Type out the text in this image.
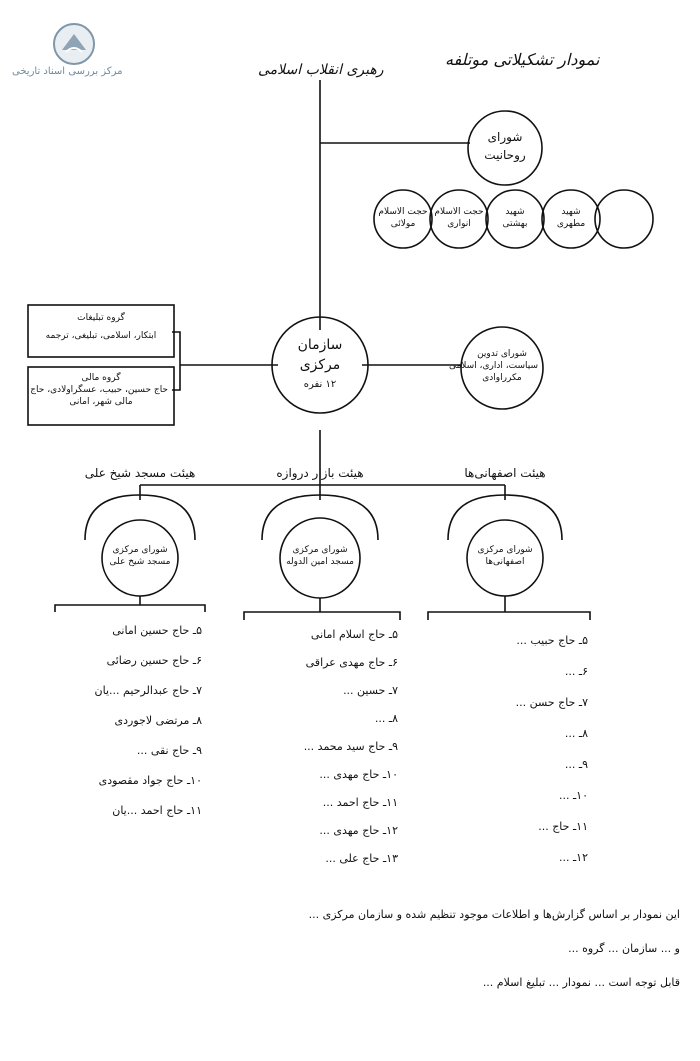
مرکز بررسی اسناد تاریخی
نمودار تشکیلاتی موتلفه
رهبری انقلاب اسلامی
شورای
روحانیت
حجت الاسلام
مولائی
حجت الاسلام
انواری
شهید
بهشتی
شهید
مطهری
گروه تبلیغات
ابتکار، اسلامی، تبلیغی، ترجمه
گروه مالی
حاج حسین، حبیب، عسگراولادی، حاج
مالی شهر، امانی
سازمان
مرکزی
۱۲ نفره
شورای تدوین
سیاست، اداری، اسلامی
مکرراوادی
هیئت مسجد شیخ علی	هیئت بازار دروازه	هیئت اصفهانی‌ها
شورای مرکزی
مسجد شیخ علی
شورای مرکزی
مسجد امین الدوله
شورای مرکزی
اصفهانی‌ها
۵ـ حاج حسین امانی
۶ـ حاج حسین رضائی
۷ـ حاج عبدالرحیم ...یان
۸ـ مرتضی لاجوردی
۹ـ حاج نقی ...
۱۰ـ حاج جواد مقصودی
۱۱ـ حاج احمد ...یان
۵ـ حاج اسلام امانی
۶ـ حاج مهدی عراقی
۷ـ حسین ...
۸ـ ...
۹ـ حاج سید محمد ...
۱۰ـ حاج مهدی ...
۱۱ـ حاج احمد ...
۱۲ـ حاج مهدی ...
۱۳ـ حاج علی ...
۵ـ حاج حبیب ...
۶ـ ...
۷ـ حاج حسن ...
۸ـ ...
۹ـ ...
۱۰ـ ...
۱۱ـ حاج ...
۱۲ـ ...
این نمودار بر اساس گزارش‌ها و اطلاعات موجود تنظیم شده و سازمان مرکزی ...
و ... سازمان ... گروه ...
قابل توجه است ... نمودار ... تبلیغ اسلام ...
